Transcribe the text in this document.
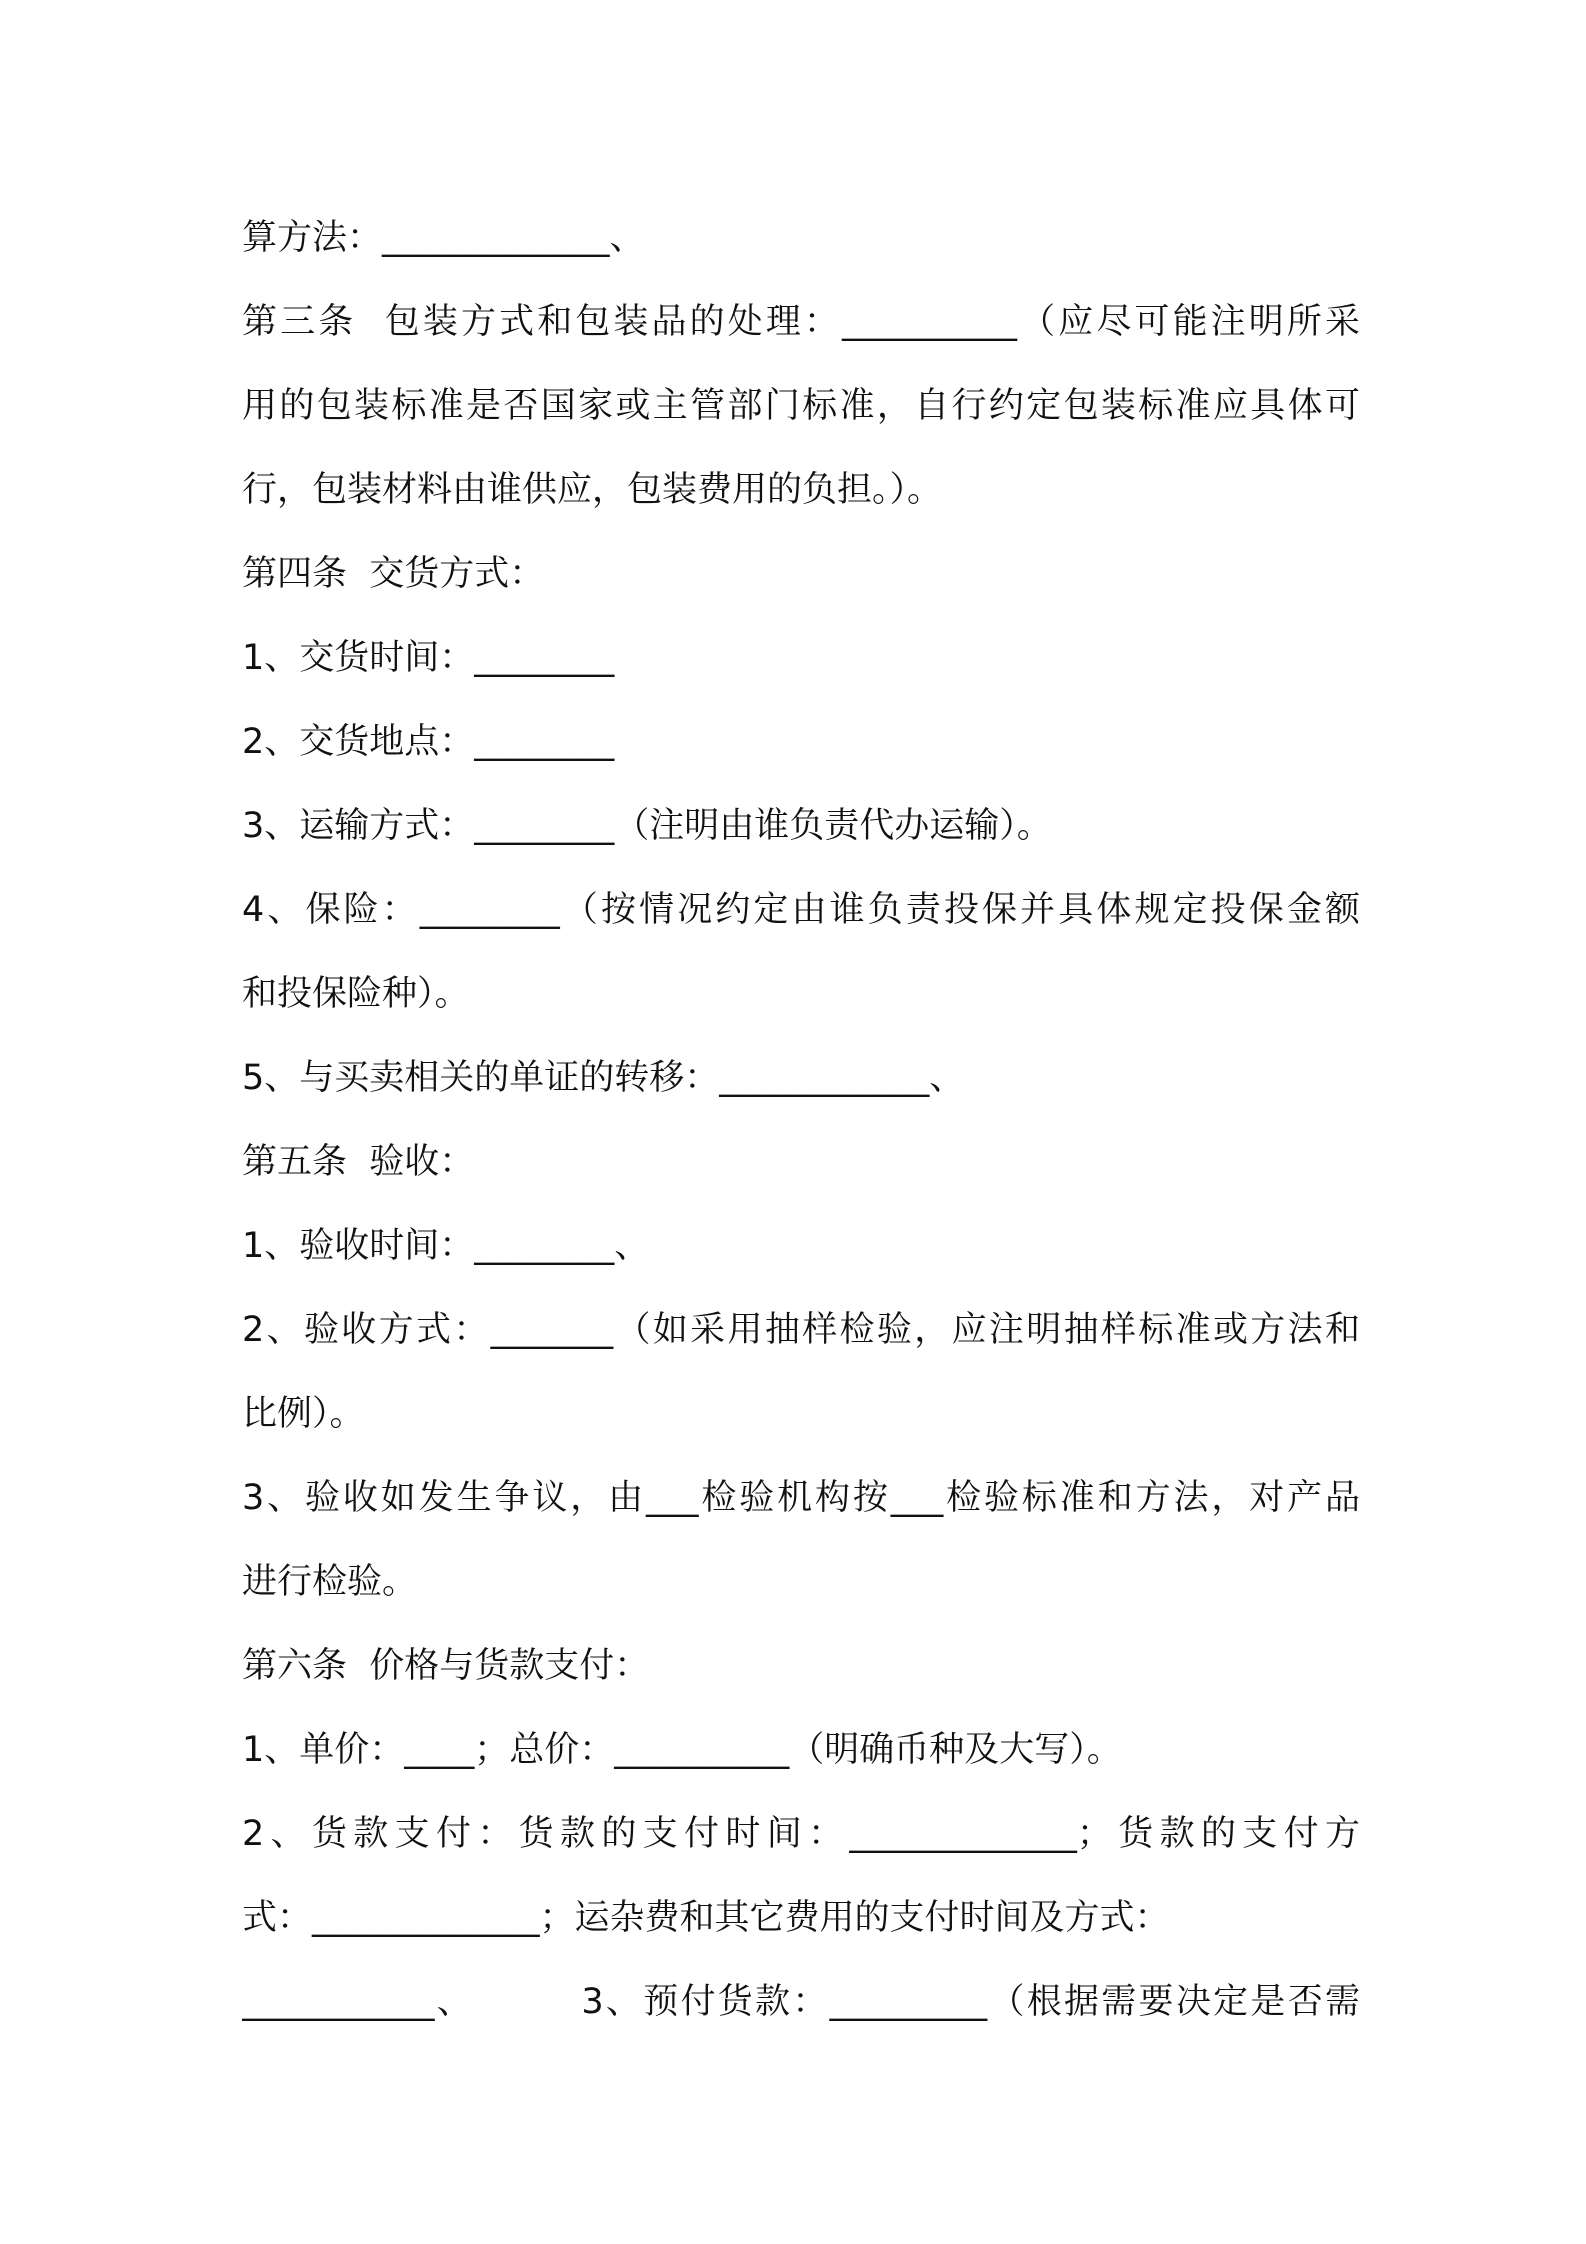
算方法：_____________、
第三条  包装方式和包装品的处理：__________（应尽可能注明所采
用的包装标准是否国家或主管部门标准，自行约定包装标准应具体可
行，包装材料由谁供应，包装费用的负担。）。
第四条  交货方式：
1、交货时间：________
2、交货地点：________
3、运输方式：________（注明由谁负责代办运输）。
4、保险：________（按情况约定由谁负责投保并具体规定投保金额
和投保险种）。
5、与买卖相关的单证的转移：____________、
第五条  验收：
1、验收时间：________、
2、验收方式：_______（如采用抽样检验，应注明抽样标准或方法和
比例）。
3、验收如发生争议，由___检验机构按___检验标准和方法，对产品
进行检验。
第六条  价格与货款支付：
1、单价：____；总价：__________（明确币种及大写）。
2、货款支付：货款的支付时间：_____________；货款的支付方
式：_____________；运杂费和其它费用的支付时间及方式：
___________、        3、预付货款：_________（根据需要决定是否需
